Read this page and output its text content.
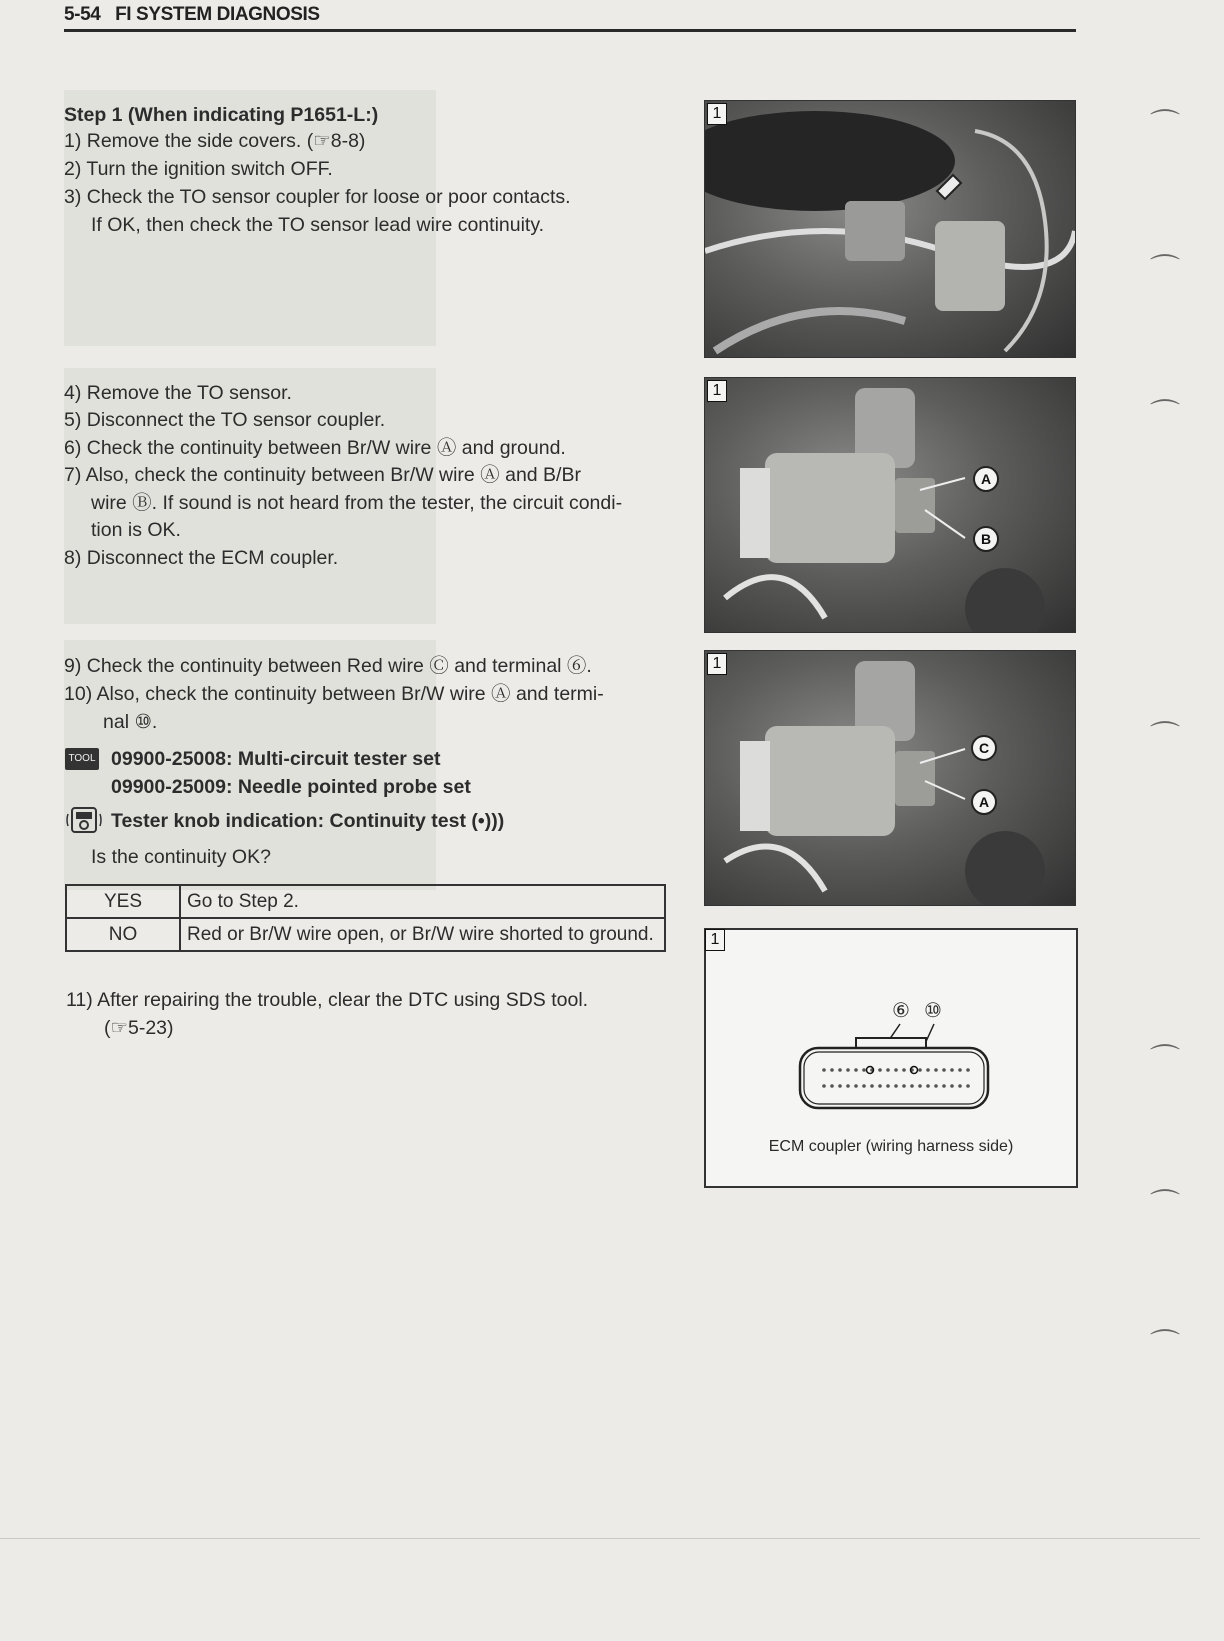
5-54 FI SYSTEM DIAGNOSIS
Step 1 (When indicating P1651-L:)
1) Remove the side covers. (☞8-8)
2) Turn the ignition switch OFF.
3) Check the TO sensor coupler for loose or poor contacts.
If OK, then check the TO sensor lead wire continuity.
4) Remove the TO sensor.
5) Disconnect the TO sensor coupler.
6) Check the continuity between Br/W wire Ⓐ and ground.
7) Also, check the continuity between Br/W wire Ⓐ and B/Br
wire Ⓑ. If sound is not heard from the tester, the circuit condi-
tion is OK.
8) Disconnect the ECM coupler.
9) Check the continuity between Red wire Ⓒ and terminal ⑥.
10) Also, check the continuity between Br/W wire Ⓐ and termi-
nal ⑩.
TOOL 09900-25008: Multi-circuit tester set
09900-25009: Needle pointed probe set
Tester knob indication: Continuity test (•)))
Is the continuity OK?
YES	Go to Step 2.
NO	Red or Br/W wire open, or Br/W wire shorted to ground.
11) After repairing the trouble, clear the DTC using SDS tool.
(☞5-23)
1
1
A
B
1
C
A
1
⑥ ⑩
ECM coupler (wiring harness side)
⌒
⌒
⌒
⌒
⌒
⌒
⌒
